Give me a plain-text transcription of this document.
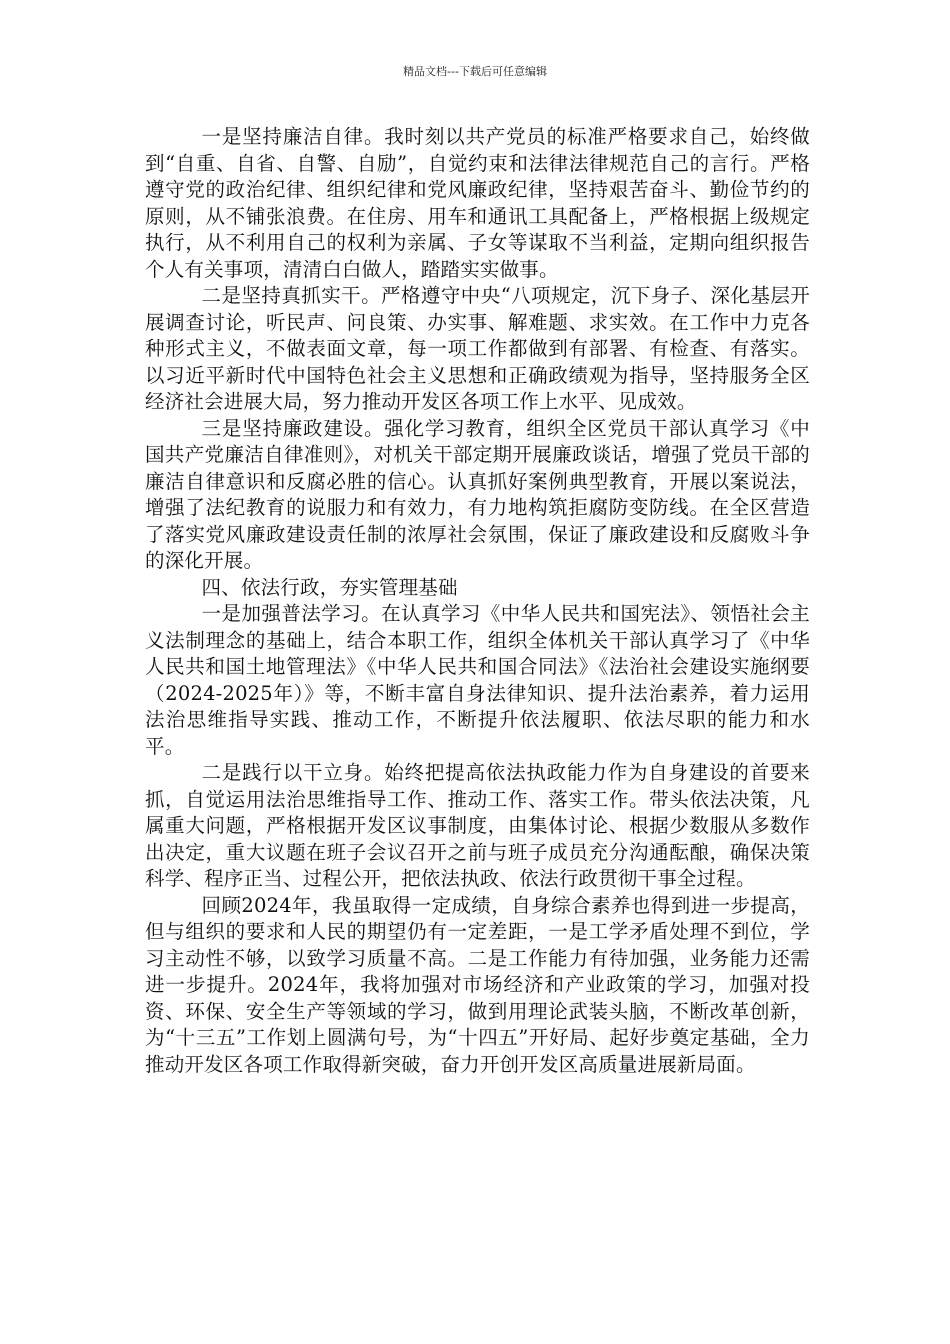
精品文档---下载后可任意编辑

一是坚持廉洁自律。我时刻以共产党员的标准严格要求自己，始终做到“自重、自省、自警、自励”，自觉约束和法律法律规范自己的言行。严格遵守党的政治纪律、组织纪律和党风廉政纪律，坚持艰苦奋斗、勤俭节约的原则，从不铺张浪费。在住房、用车和通讯工具配备上，严格根据上级规定执行，从不利用自己的权利为亲属、子女等谋取不当利益，定期向组织报告个人有关事项，清清白白做人，踏踏实实做事。

二是坚持真抓实干。严格遵守中央“八项规定，沉下身子、深化基层开展调查讨论，听民声、问良策、办实事、解难题、求实效。在工作中力克各种形式主义，不做表面文章，每一项工作都做到有部署、有检查、有落实。以习近平新时代中国特色社会主义思想和正确政绩观为指导，坚持服务全区经济社会进展大局，努力推动开发区各项工作上水平、见成效。

三是坚持廉政建设。强化学习教育，组织全区党员干部认真学习《中国共产党廉洁自律准则》，对机关干部定期开展廉政谈话，增强了党员干部的廉洁自律意识和反腐必胜的信心。认真抓好案例典型教育，开展以案说法，增强了法纪教育的说服力和有效力，有力地构筑拒腐防变防线。在全区营造了落实党风廉政建设责任制的浓厚社会氛围，保证了廉政建设和反腐败斗争的深化开展。

四、依法行政，夯实管理基础

一是加强普法学习。在认真学习《中华人民共和国宪法》、领悟社会主义法制理念的基础上，结合本职工作，组织全体机关干部认真学习了《中华人民共和国土地管理法》《中华人民共和国合同法》《法治社会建设实施纲要（2024-2025年）》等，不断丰富自身法律知识、提升法治素养，着力运用法治思维指导实践、推动工作，不断提升依法履职、依法尽职的能力和水平。

二是践行以干立身。始终把提高依法执政能力作为自身建设的首要来抓，自觉运用法治思维指导工作、推动工作、落实工作。带头依法决策，凡属重大问题，严格根据开发区议事制度，由集体讨论、根据少数服从多数作出决定，重大议题在班子会议召开之前与班子成员充分沟通酝酿，确保决策科学、程序正当、过程公开，把依法执政、依法行政贯彻干事全过程。

回顾2024年，我虽取得一定成绩，自身综合素养也得到进一步提高，但与组织的要求和人民的期望仍有一定差距，一是工学矛盾处理不到位，学习主动性不够，以致学习质量不高。二是工作能力有待加强，业务能力还需进一步提升。2024年，我将加强对市场经济和产业政策的学习，加强对投资、环保、安全生产等领域的学习，做到用理论武装头脑，不断改革创新，为“十三五”工作划上圆满句号，为“十四五”开好局、起好步奠定基础，全力推动开发区各项工作取得新突破，奋力开创开发区高质量进展新局面。
